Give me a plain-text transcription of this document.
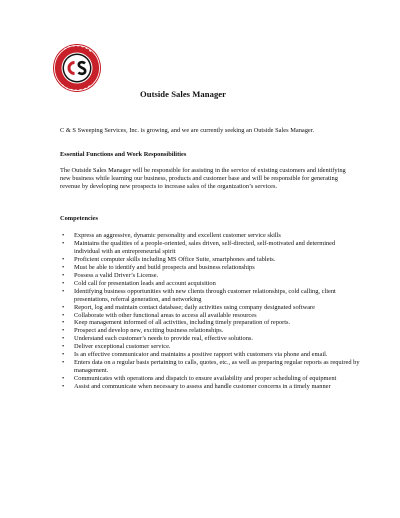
Outside Sales Manager
C & S Sweeping Services, Inc. is growing, and we are currently seeking an Outside Sales Manager.
Essential Functions and Work Responsibilities
The Outside Sales Manager will be responsible for assisting in the service of existing customers and identifying new business while learning our business, products and customer base and will be responsible for generating revenue by developing new prospects to increase sales of the organization’s services.
Competencies
• Express an aggressive, dynamic personality and excellent customer service skills
• Maintains the qualities of a people-oriented, sales driven, self-directed, self-motivated and determined individual with an entrepreneurial spirit
• Proficient computer skills including MS Office Suite, smartphones and tablets.
• Must be able to identify and build prospects and business relationships
• Possess a valid Driver’s License.
• Cold call for presentation leads and account acquisition
• Identifying business opportunities with new clients through customer relationships, cold calling, client presentations, referral generation, and networking
• Report, log and maintain contact database; daily activities using company designated software
• Collaborate with other functional areas to access all available resources
• Keep management informed of all activities, including timely preparation of reports.
• Prospect and develop new, exciting business relationships.
• Understand each customer’s needs to provide real, effective solutions.
• Deliver exceptional customer service.
• Is an effective communicator and maintains a positive rapport with customers via phone and email.
• Enters data on a regular basis pertaining to calls, quotes, etc., as well as preparing regular reports as required by management.
• Communicates with operations and dispatch to ensure availability and proper scheduling of equipment
• Assist and communicate when necessary to assess and handle customer concerns in a timely manner
